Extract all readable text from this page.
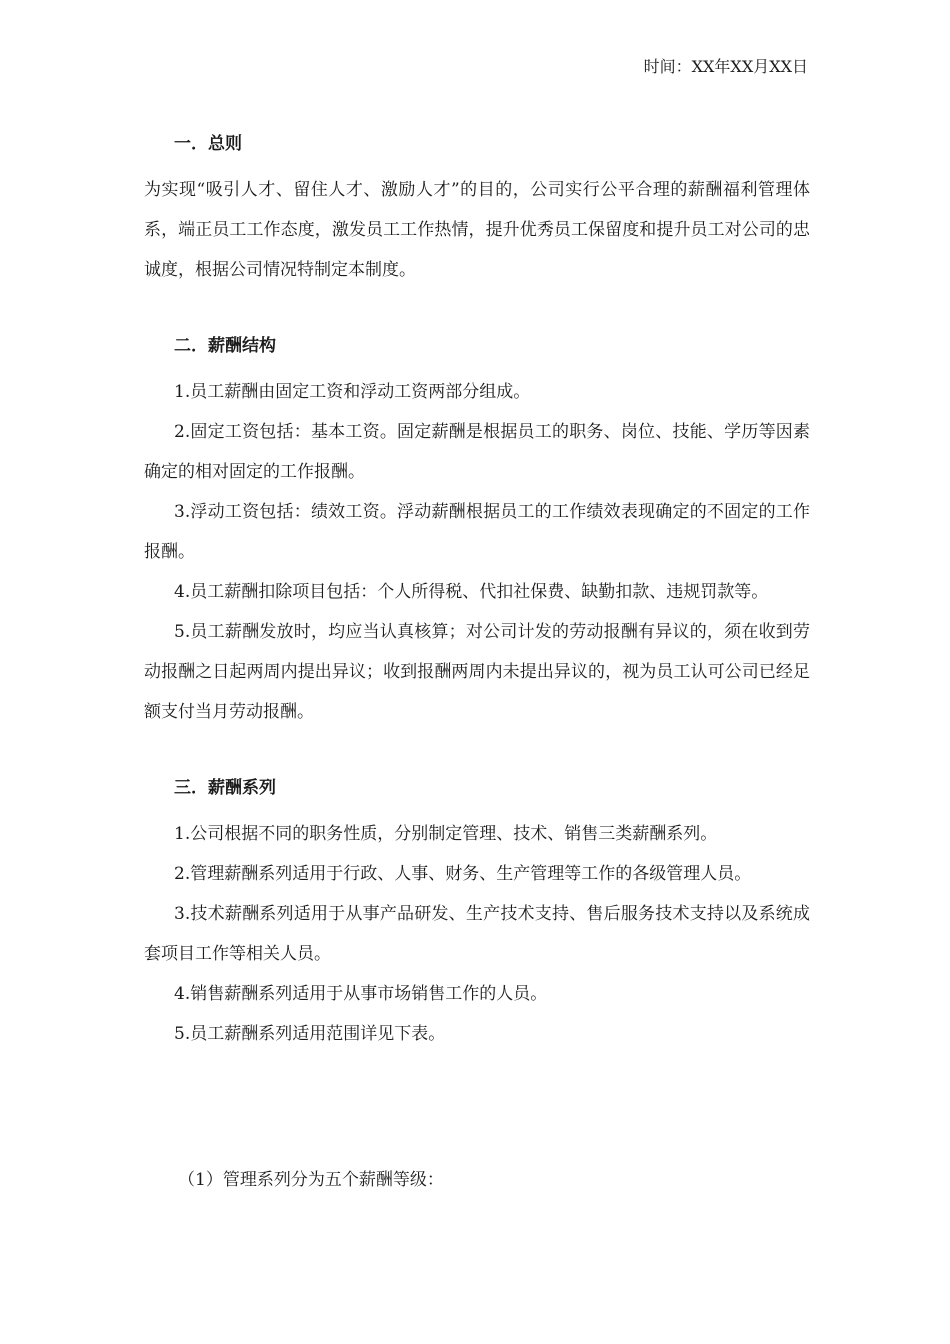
时间：XX年XX月XX日
一．总则

为实现“吸引人才、留住人才、激励人才”的目的，公司实行公平合理的薪酬福利管理体系，端正员工工作态度，激发员工工作热情，提升优秀员工保留度和提升员工对公司的忠诚度，根据公司情况特制定本制度。

二．薪酬结构

1.员工薪酬由固定工资和浮动工资两部分组成。

2.固定工资包括：基本工资。固定薪酬是根据员工的职务、岗位、技能、学历等因素确定的相对固定的工作报酬。

3.浮动工资包括：绩效工资。浮动薪酬根据员工的工作绩效表现确定的不固定的工作报酬。

4.员工薪酬扣除项目包括：个人所得税、代扣社保费、缺勤扣款、违规罚款等。

5.员工薪酬发放时，均应当认真核算；对公司计发的劳动报酬有异议的，须在收到劳动报酬之日起两周内提出异议；收到报酬两周内未提出异议的，视为员工认可公司已经足额支付当月劳动报酬。

三．薪酬系列

1.公司根据不同的职务性质，分别制定管理、技术、销售三类薪酬系列。

2.管理薪酬系列适用于行政、人事、财务、生产管理等工作的各级管理人员。

3.技术薪酬系列适用于从事产品研发、生产技术支持、售后服务技术支持以及系统成套项目工作等相关人员。

4.销售薪酬系列适用于从事市场销售工作的人员。

5.员工薪酬系列适用范围详见下表。

（1）管理系列分为五个薪酬等级：
